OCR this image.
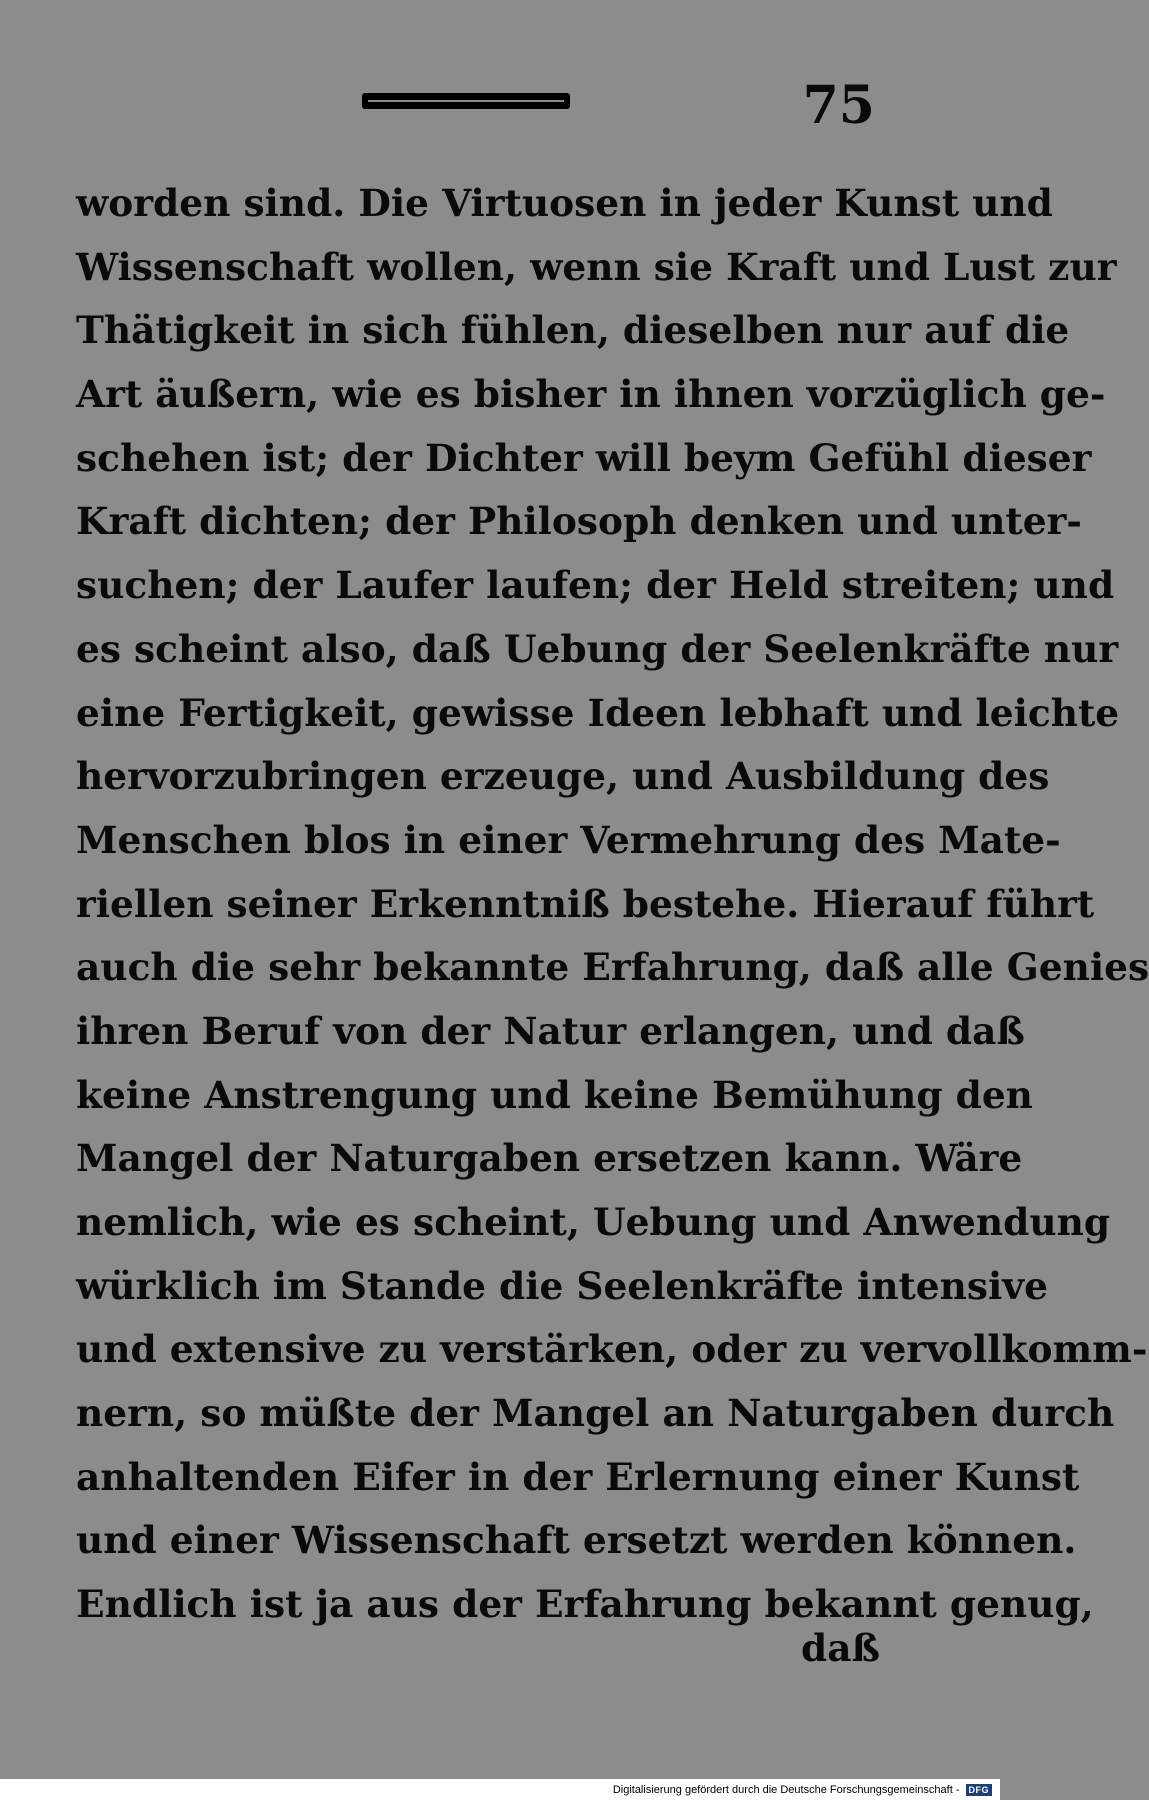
75
worden sind. Die Virtuosen in jeder Kunst und
Wissenschaft wollen, wenn sie Kraft und Lust zur
Thätigkeit in sich fühlen, dieselben nur auf die
Art äußern, wie es bisher in ihnen vorzüglich ge-
schehen ist; der Dichter will beym Gefühl dieser
Kraft dichten; der Philosoph denken und unter-
suchen; der Laufer laufen; der Held streiten; und
es scheint also, daß Uebung der Seelenkräfte nur
eine Fertigkeit, gewisse Ideen lebhaft und leichte
hervorzubringen erzeuge, und Ausbildung des
Menschen blos in einer Vermehrung des Mate-
riellen seiner Erkenntniß bestehe. Hierauf führt
auch die sehr bekannte Erfahrung, daß alle Genies
ihren Beruf von der Natur erlangen, und daß
keine Anstrengung und keine Bemühung den
Mangel der Naturgaben ersetzen kann. Wäre
nemlich, wie es scheint, Uebung und Anwendung
würklich im Stande die Seelenkräfte intensive
und extensive zu verstärken, oder zu vervollkomm-
nern, so müßte der Mangel an Naturgaben durch
anhaltenden Eifer in der Erlernung einer Kunst
und einer Wissenschaft ersetzt werden können.
Endlich ist ja aus der Erfahrung bekannt genug,
daß
Digitalisierung gefördert durch die Deutsche Forschungsgemeinschaft -	DFG
